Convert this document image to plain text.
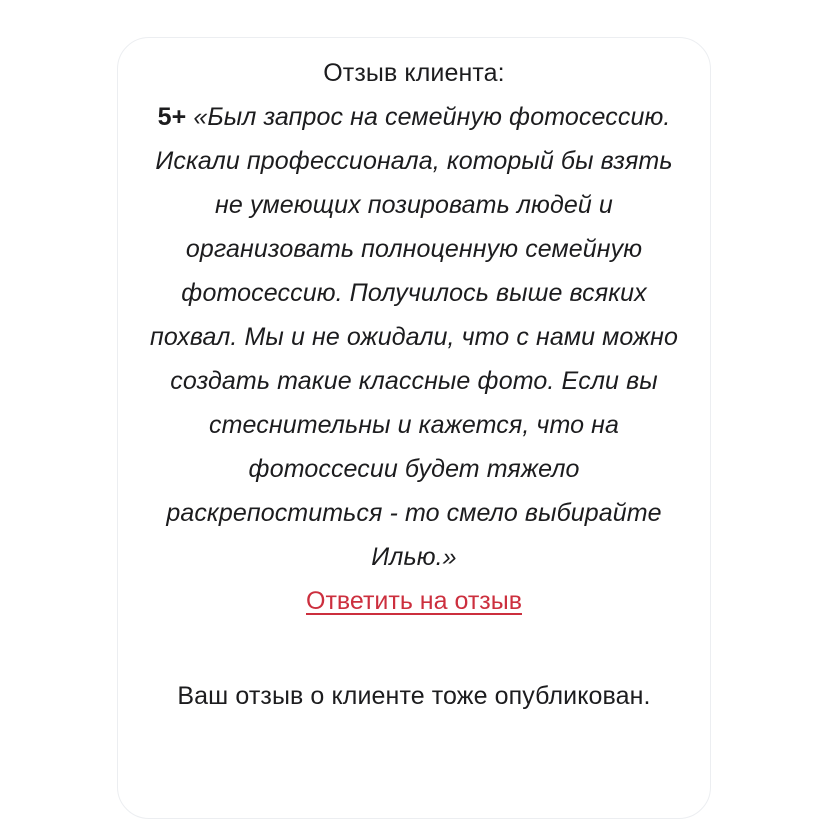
Отзыв клиента:
5+ «Был запрос на семейную фотосессию. Искали профессионала, который бы взять не умеющих позировать людей и организовать полноценную семейную фотосессию. Получилось выше всяких похвал. Мы и не ожидали, что с нами можно создать такие классные фото. Если вы стеснительны и кажется, что на фотоссесии будет тяжело раскрепоститься - то смело выбирайте Илью.»
Ответить на отзыв
Ваш отзыв о клиенте тоже опубликован.
